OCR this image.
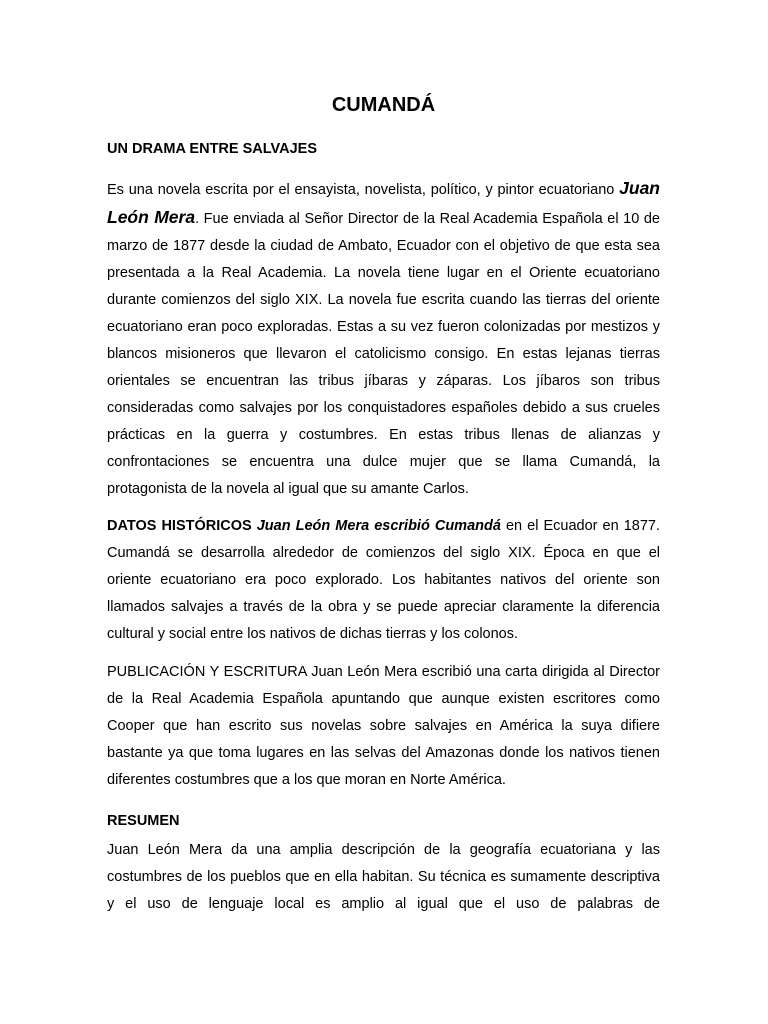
CUMANDÁ
UN DRAMA ENTRE SALVAJES

Es una novela escrita por el ensayista, novelista, político, y pintor ecuatoriano Juan León Mera. Fue enviada al Señor Director de la Real Academia Española el 10 de marzo de 1877 desde la ciudad de Ambato, Ecuador con el objetivo de que esta sea presentada a la Real Academia. La novela tiene lugar en el Oriente ecuatoriano durante comienzos del siglo XIX. La novela fue escrita cuando las tierras del oriente ecuatoriano eran poco exploradas. Estas a su vez fueron colonizadas por mestizos y blancos misioneros que llevaron el catolicismo consigo. En estas lejanas tierras orientales se encuentran las tribus jíbaras y záparas. Los jíbaros son tribus consideradas como salvajes por los conquistadores españoles debido a sus crueles prácticas en la guerra y costumbres. En estas tribus llenas de alianzas y confrontaciones se encuentra una dulce mujer que se llama Cumandá, la protagonista de la novela al igual que su amante Carlos.

DATOS HISTÓRICOS Juan León Mera escribió Cumandá en el Ecuador en 1877. Cumandá se desarrolla alrededor de comienzos del siglo XIX. Época en que el oriente ecuatoriano era poco explorado. Los habitantes nativos del oriente son llamados salvajes a través de la obra y se puede apreciar claramente la diferencia cultural y social entre los nativos de dichas tierras y los colonos.

PUBLICACIÓN Y ESCRITURA Juan León Mera escribió una carta dirigida al Director de la Real Academia Española apuntando que aunque existen escritores como Cooper que han escrito sus novelas sobre salvajes en América la suya difiere bastante ya que toma lugares en las selvas del Amazonas donde los nativos tienen diferentes costumbres que a los que moran en Norte América.

RESUMEN

Juan León Mera da una amplia descripción de la geografía ecuatoriana y las costumbres de los pueblos que en ella habitan. Su técnica es sumamente descriptiva y el uso de lenguaje local es amplio al igual que el uso de palabras de
